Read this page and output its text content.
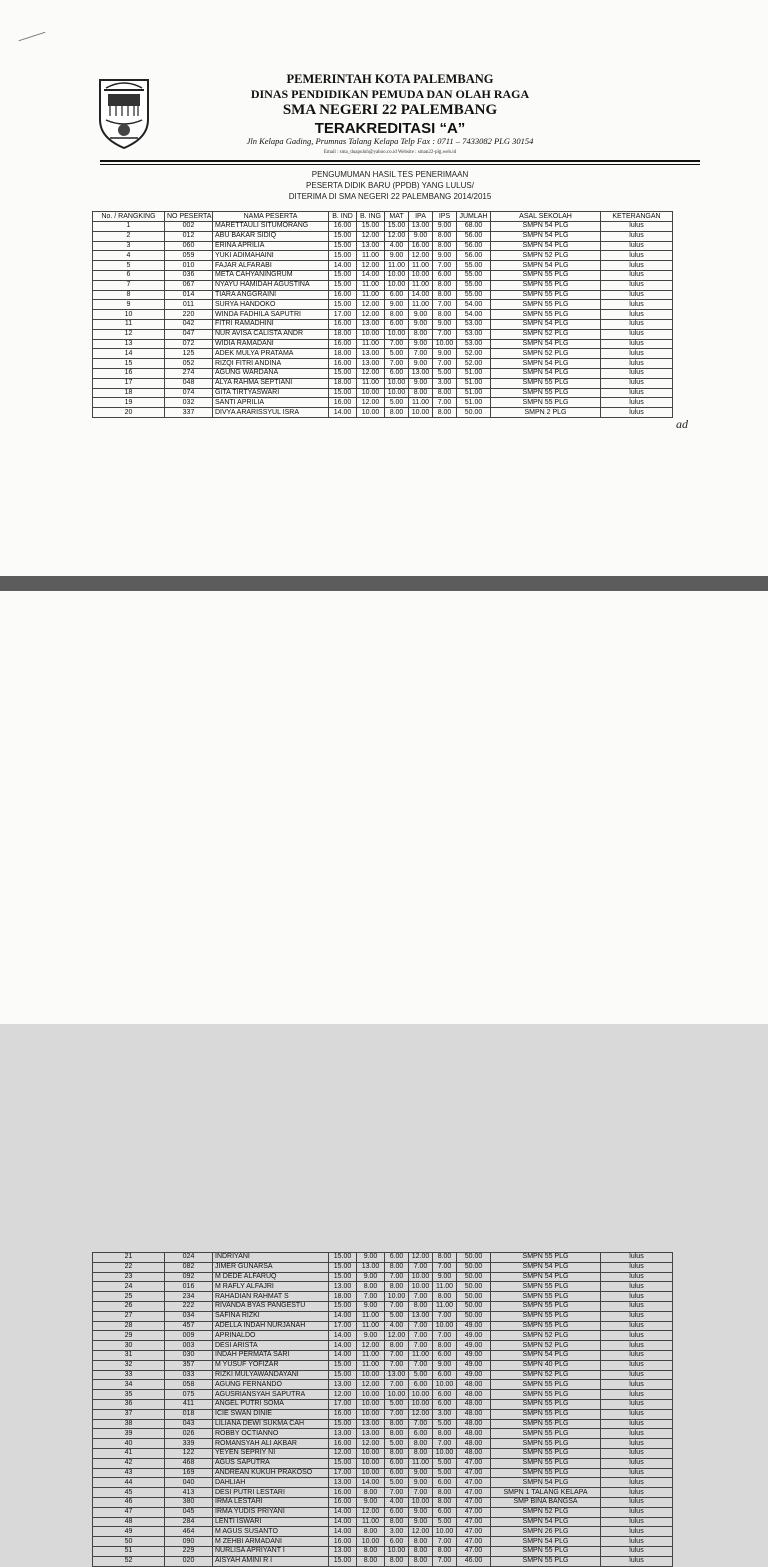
PEMERINTAH KOTA PALEMBANG
DINAS PENDIDIKAN PEMUDA DAN OLAH RAGA
SMA NEGERI 22 PALEMBANG
TERAKREDITASI “A”
Jln Kelapa Gading, Prumnas Talang Kelapa Telp Fax : 0711 – 7433082 PLG 30154
Email : sma_duapuluh@yahoo.co.id Website : sman22-plg.web.id
PENGUMUMAN HASIL TES PENERIMAAN
PESERTA DIDIK BARU (PPDB) YANG LULUS/
DITERIMA DI SMA NEGERI 22 PALEMBANG 2014/2015
No. / RANGKING	NO PESERTA	NAMA PESERTA	B. IND	B. ING	MAT	IPA	IPS	JUMLAH	ASAL SEKOLAH	KETERANGAN
1	002	MARETTAULI SITUMORANG	16.00	15.00	15.00	13.00	9.00	68.00	SMPN 54 PLG	lulus
2	012	ABU BAKAR SIDIQ	15.00	12.00	12.00	9.00	8.00	56.00	SMPN 54 PLG	lulus
3	060	ERINA APRILIA	15.00	13.00	4.00	16.00	8.00	56.00	SMPN 54 PLG	lulus
4	059	YUKI ADIMAHAINI	15.00	11.00	9.00	12.00	9.00	56.00	SMPN 52 PLG	lulus
5	010	FAJAR ALFARABI	14.00	12.00	11.00	11.00	7.00	55.00	SMPN 54 PLG	lulus
6	036	META CAHYANINGRUM	15.00	14.00	10.00	10.00	6.00	55.00	SMPN 55 PLG	lulus
7	067	NYAYU HAMIDAH AGUSTINA	15.00	11.00	10.00	11.00	8.00	55.00	SMPN 55 PLG	lulus
8	014	TIARA ANGGRAINI	16.00	11.00	6.00	14.00	8.00	55.00	SMPN 55 PLG	lulus
9	011	SURYA HANDOKO	15.00	12.00	9.00	11.00	7.00	54.00	SMPN 55 PLG	lulus
10	220	WINDA FADHILA SAPUTRI	17.00	12.00	8.00	9.00	8.00	54.00	SMPN 55 PLG	lulus
11	042	FITRI RAMADHINI	16.00	13.00	6.00	9.00	9.00	53.00	SMPN 54 PLG	lulus
12	047	NUR AVISA CALISTA ANDR	18.00	10.00	10.00	8.00	7.00	53.00	SMPN 52 PLG	lulus
13	072	WIDIA RAMADANI	16.00	11.00	7.00	9.00	10.00	53.00	SMPN 54 PLG	lulus
14	125	ADEK MULYA PRATAMA	18.00	13.00	5.00	7.00	9.00	52.00	SMPN 52 PLG	lulus
15	052	RIZQI FITRI ANDINA	16.00	13.00	7.00	9.00	7.00	52.00	SMPN 54 PLG	lulus
16	274	AGUNG WARDANA	15.00	12.00	6.00	13.00	5.00	51.00	SMPN 54 PLG	lulus
17	048	ALYA RAHMA SEPTIANI	18.00	11.00	10.00	9.00	3.00	51.00	SMPN 55 PLG	lulus
18	074	GITA TIRTYASWARI	15.00	10.00	10.00	8.00	8.00	51.00	SMPN 55 PLG	lulus
19	032	SANTI APRILIA	16.00	12.00	5.00	11.00	7.00	51.00	SMPN 55 PLG	lulus
20	337	DIVYA ARARISSYUL ISRA	14.00	10.00	8.00	10.00	8.00	50.00	SMPN 2 PLG	lulus
ad
21	024	INDRIYANI	15.00	9.00	6.00	12.00	8.00	50.00	SMPN 55 PLG	lulus
22	082	JIMER GUNARSA	15.00	13.00	8.00	7.00	7.00	50.00	SMPN 54 PLG	lulus
23	092	M DEDE ALFARUQ	15.00	9.00	7.00	10.00	9.00	50.00	SMPN 54 PLG	lulus
24	016	M RAFLY ALFAJRI	13.00	8.00	8.00	10.00	11.00	50.00	SMPN 55 PLG	lulus
25	234	RAHADIAN RAHMAT S	18.00	7.00	10.00	7.00	8.00	50.00	SMPN 55 PLG	lulus
26	222	RIVANDA BYAS PANGESTU	15.00	9.00	7.00	8.00	11.00	50.00	SMPN 55 PLG	lulus
27	034	SAFINA RIZKI	14.00	11.00	5.00	13.00	7.00	50.00	SMPN 55 PLG	lulus
28	457	ADELLA INDAH NURJANAH	17.00	11.00	4.00	7.00	10.00	49.00	SMPN 55 PLG	lulus
29	009	APRINALDO	14.00	9.00	12.00	7.00	7.00	49.00	SMPN 52 PLG	lulus
30	003	DESI ARISTA	14.00	12.00	8.00	7.00	8.00	49.00	SMPN 52 PLG	lulus
31	030	INDAH PERMATA SARI	14.00	11.00	7.00	11.00	6.00	49.00	SMPN 54 PLG	lulus
32	357	M YUSUF YOFIZAR	15.00	11.00	7.00	7.00	9.00	49.00	SMPN 40 PLG	lulus
33	033	RIZKI MULYAWANDAYANI	15.00	10.00	13.00	5.00	6.00	49.00	SMPN 52 PLG	lulus
34	058	AGUNG FERNANDO	13.00	12.00	7.00	6.00	10.00	48.00	SMPN 55 PLG	lulus
35	075	AGUSRIANSYAH SAPUTRA	12.00	10.00	10.00	10.00	6.00	48.00	SMPN 55 PLG	lulus
36	411	ANGEL PUTRI SOMA	17.00	10.00	5.00	10.00	6.00	48.00	SMPN 55 PLG	lulus
37	018	ICIE SWAN DINIE	16.00	10.00	7.00	12.00	3.00	48.00	SMPN 55 PLG	lulus
38	043	LILIANA DEWI SUKMA CAH	15.00	13.00	8.00	7.00	5.00	48.00	SMPN 55 PLG	lulus
39	026	ROBBY OCTIANNO	13.00	13.00	8.00	6.00	8.00	48.00	SMPN 55 PLG	lulus
40	339	ROMANSYAH ALI AKBAR	16.00	12.00	5.00	8.00	7.00	48.00	SMPN 55 PLG	lulus
41	122	YEYEN SEPRIY NI	12.00	10.00	8.00	8.00	10.00	48.00	SMPN 55 PLG	lulus
42	468	AGUS SAPUTRA	15.00	10.00	6.00	11.00	5.00	47.00	SMPN 55 PLG	lulus
43	169	ANDREAN KUKUH PRAKOSO	17.00	10.00	6.00	9.00	5.00	47.00	SMPN 55 PLG	lulus
44	040	DAHLIAH	13.00	14.00	5.00	9.00	6.00	47.00	SMPN 54 PLG	lulus
45	413	DESI PUTRI LESTARI	16.00	8.00	7.00	7.00	8.00	47.00	SMPN 1 TALANG KELAPA	lulus
46	380	IRMA LESTARI	16.00	9.00	4.00	10.00	8.00	47.00	SMP BINA BANGSA	lulus
47	045	IRMA YUDIS PRIYANI	14.00	12.00	6.00	9.00	6.00	47.00	SMPN 52 PLG	lulus
48	284	LENTI ISWARI	14.00	11.00	8.00	9.00	5.00	47.00	SMPN 54 PLG	lulus
49	464	M AGUS SUSANTO	14.00	8.00	3.00	12.00	10.00	47.00	SMPN 26 PLG	lulus
50	090	M ZEHBI ARMADANI	16.00	10.00	6.00	8.00	7.00	47.00	SMPN 54 PLG	lulus
51	229	NURLISA APRIYANT I	13.00	8.00	10.00	8.00	8.00	47.00	SMPN 55 PLG	lulus
52	020	AISYAH AMINI R I	15.00	8.00	8.00	8.00	7.00	46.00	SMPN 55 PLG	lulus
